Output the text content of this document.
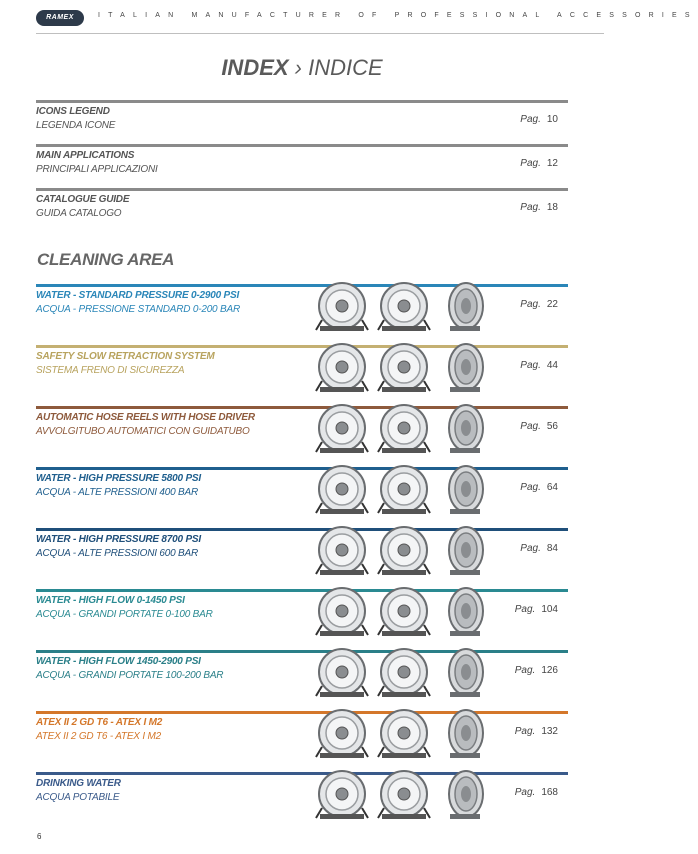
RAMEX	ITALIAN MANUFACTURER OF PROFESSIONAL ACCESSORIES
INDEX › INDICE
ICONS LEGEND
LEGENDA ICONE
Pag. 10
MAIN APPLICATIONS
PRINCIPALI APPLICAZIONI
Pag. 12
CATALOGUE GUIDE
GUIDA CATALOGO
Pag. 18
CLEANING AREA
WATER - STANDARD PRESSURE 0-2900 PSI
ACQUA - PRESSIONE STANDARD 0-200 BAR	Pag. 22
SAFETY SLOW RETRACTION SYSTEM
SISTEMA FRENO DI SICUREZZA	Pag. 44
AUTOMATIC HOSE REELS WITH HOSE DRIVER
AVVOLGITUBO AUTOMATICI CON GUIDATUBO	Pag. 56
WATER - HIGH PRESSURE 5800 PSI
ACQUA - ALTE PRESSIONI 400 BAR	Pag. 64
WATER - HIGH PRESSURE 8700 PSI
ACQUA - ALTE PRESSIONI 600 BAR	Pag. 84
WATER - HIGH FLOW 0-1450 PSI
ACQUA - GRANDI PORTATE 0-100 BAR	Pag. 104
WATER - HIGH FLOW 1450-2900 PSI
ACQUA - GRANDI PORTATE 100-200 BAR	Pag. 126
ATEX II 2 GD T6 - ATEX I M2
ATEX II 2 GD T6 - ATEX I M2	Pag. 132
DRINKING WATER
ACQUA POTABILE	Pag. 168
6
